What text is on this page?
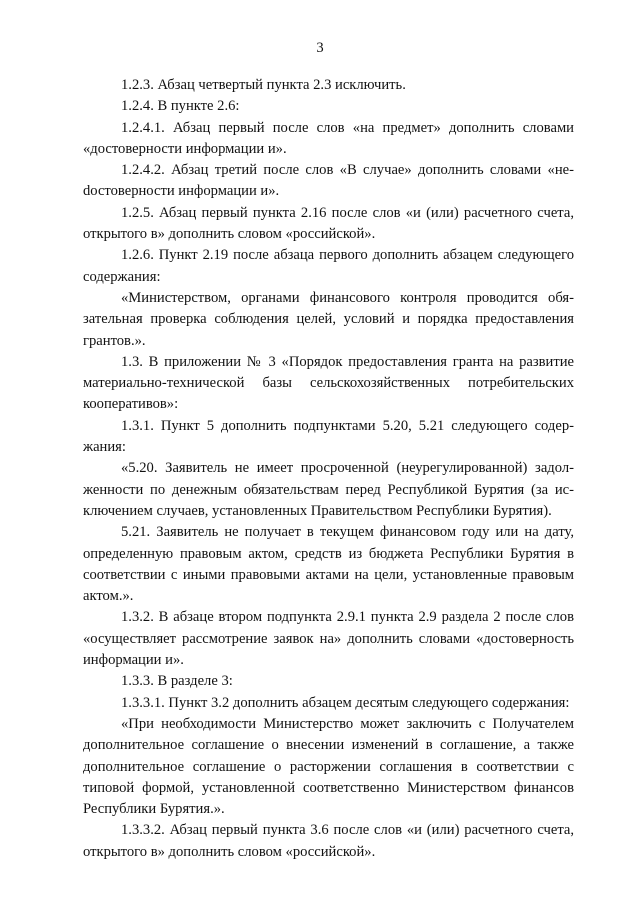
3

1.2.3. Абзац четвертый пункта 2.3 исключить.

1.2.4. В пункте 2.6:

1.2.4.1. Абзац первый после слов «на предмет» дополнить словами «достоверности информации и».

1.2.4.2. Абзац третий после слов «В случае» дополнить словами «неdостоверности информации и».

1.2.5. Абзац первый пункта 2.16 после слов «и (или) расчетного счета, открытого в» дополнить словом «российской».

1.2.6. Пункт 2.19 после абзаца первого дополнить абзацем следующего содержания:

«Министерством, органами финансового контроля проводится обязательная проверка соблюдения целей, условий и порядка предоставления грантов.».

1.3. В приложении № 3 «Порядок предоставления гранта на развитие материально-технической базы сельскохозяйственных потребительских кооперативов»:

1.3.1. Пункт 5 дополнить подпунктами 5.20, 5.21 следующего содержания:

«5.20. Заявитель не имеет просроченной (неурегулированной) задолженности по денежным обязательствам перед Республикой Бурятия (за исключением случаев, установленных Правительством Республики Бурятия).

5.21. Заявитель не получает в текущем финансовом году или на дату, определенную правовым актом, средств из бюджета Республики Бурятия в соответствии с иными правовыми актами на цели, установленные правовым актом.».

1.3.2. В абзаце втором подпункта 2.9.1 пункта 2.9 раздела 2 после слов «осуществляет рассмотрение заявок на» дополнить словами «достоверность информации и».

1.3.3. В разделе 3:

1.3.3.1. Пункт 3.2 дополнить абзацем десятым следующего содержания:

«При необходимости Министерство может заключить с Получателем дополнительное соглашение о внесении изменений в соглашение, а также дополнительное соглашение о расторжении соглашения в соответствии с типовой формой, установленной соответственно Министерством финансов Республики Бурятия.».

1.3.3.2. Абзац первый пункта 3.6 после слов «и (или) расчетного счета, открытого в» дополнить словом «российской».
